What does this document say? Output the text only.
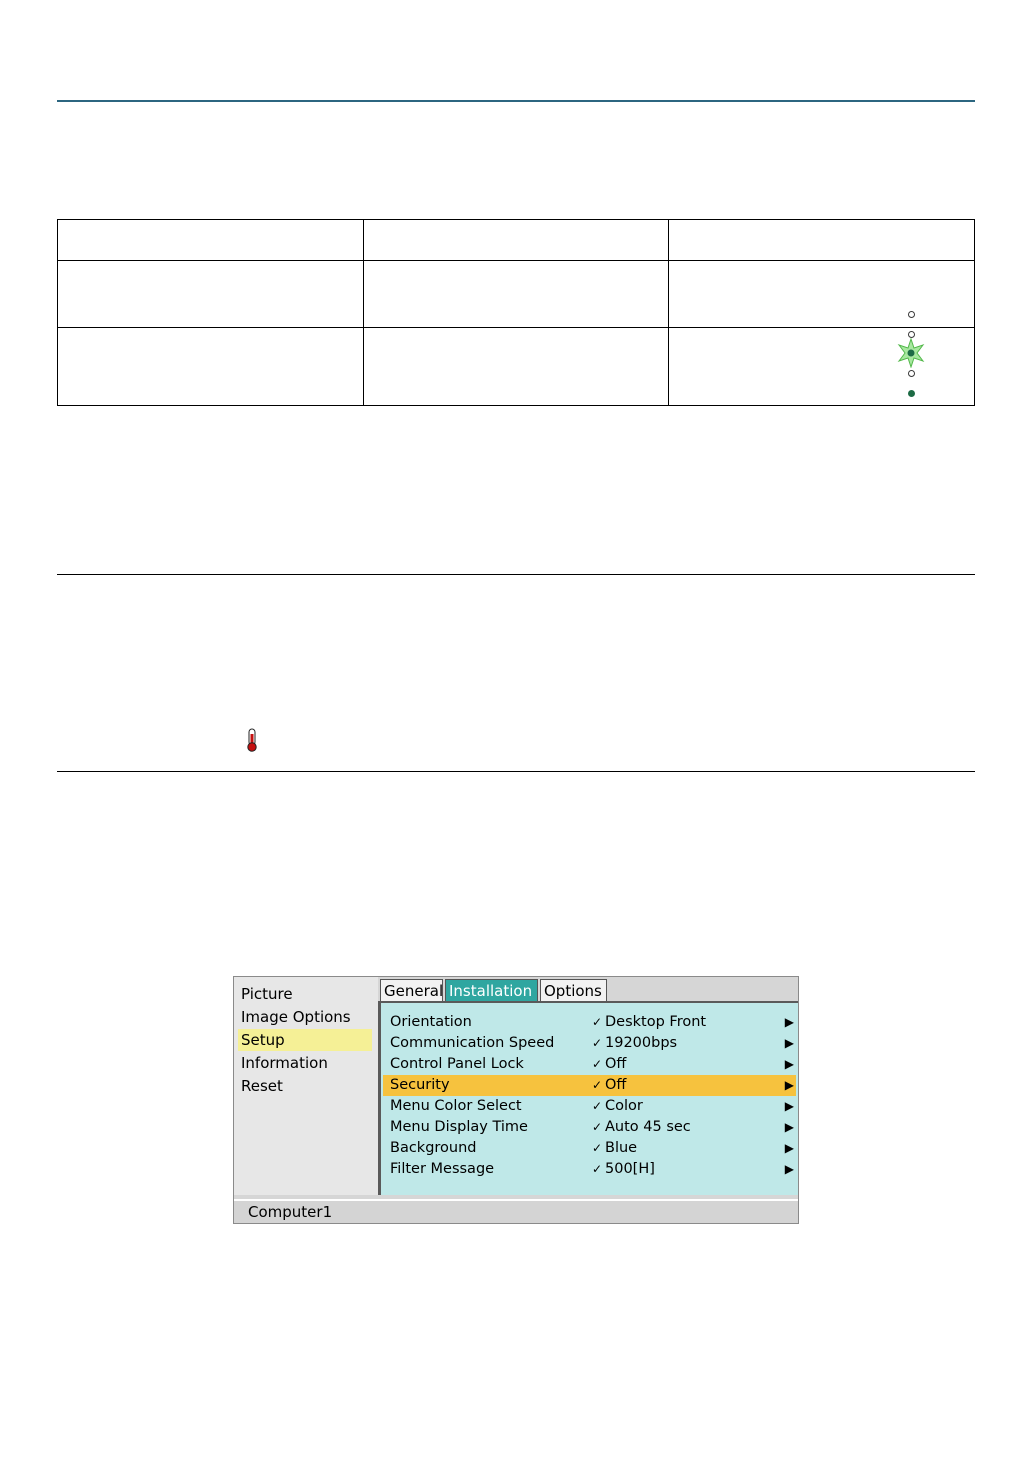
Picture
Image Options
Setup
Information
Reset
General Installation Options
Orientation	✓ Desktop Front	▶
Communication Speed	✓ 19200bps	▶
Control Panel Lock	✓ Off	▶
Security	✓ Off	▶
Menu Color Select	✓ Color	▶
Menu Display Time	✓ Auto 45 sec	▶
Background	✓ Blue	▶
Filter Message	✓ 500[H]	▶
Computer1
